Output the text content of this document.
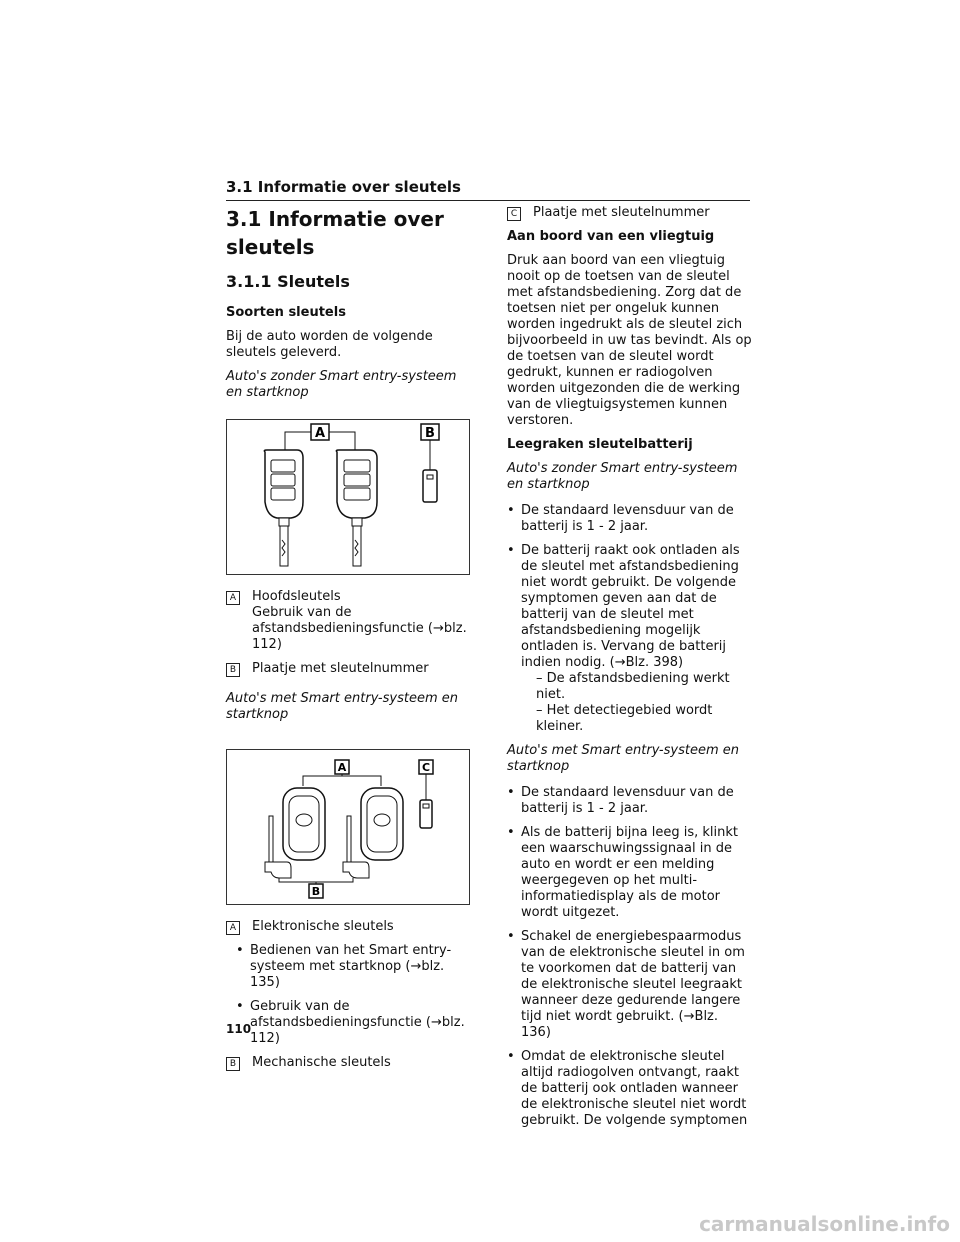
3.1 Informatie over sleutels
3.1 Informatie over sleutels
3.1.1 Sleutels
Soorten sleutels

Bij de auto worden de volgende sleutels geleverd.

Auto's zonder Smart entry-systeem en startknop
A	B
A	Hoofdsleutels
Gebruik van de afstandsbedieningsfunctie (→blz. 112)
B	Plaatje met sleutelnummer
Auto's met Smart entry-systeem en startknop
A	C
B
A	Elektronische sleutels
• Bedienen van het Smart entry-systeem met startknop (→blz. 135)
• Gebruik van de afstandsbedieningsfunctie (→blz. 112)
B	Mechanische sleutels
C Plaatje met sleutelnummer
Aan boord van een vliegtuig

Druk aan boord van een vliegtuig nooit op de toetsen van de sleutel met afstandsbediening. Zorg dat de toetsen niet per ongeluk kunnen worden ingedrukt als de sleutel zich bijvoorbeeld in uw tas bevindt. Als op de toetsen van de sleutel wordt gedrukt, kunnen er radiogolven worden uitgezonden die de werking van de vliegtuigsystemen kunnen verstoren.

Leegraken sleutelbatterij
Auto's zonder Smart entry-systeem en startknop
• De standaard levensduur van de batterij is 1 - 2 jaar.
• De batterij raakt ook ontladen als de sleutel met afstandsbediening niet wordt gebruikt. De volgende symptomen geven aan dat de batterij van de sleutel met afstandsbediening mogelijk ontladen is. Vervang de batterij indien nodig. (→Blz. 398)
– De afstandsbediening werkt niet.
– Het detectiegebied wordt kleiner.
Auto's met Smart entry-systeem en startknop
• De standaard levensduur van de batterij is 1 - 2 jaar.
• Als de batterij bijna leeg is, klinkt een waarschuwingssignaal in de auto en wordt er een melding weergegeven op het multi-informatiedisplay als de motor wordt uitgezet.
• Schakel de energiebespaarmodus van de elektronische sleutel in om te voorkomen dat de batterij van de elektronische sleutel leegraakt wanneer deze gedurende langere tijd niet wordt gebruikt. (→Blz. 136)
• Omdat de elektronische sleutel altijd radiogolven ontvangt, raakt de batterij ook ontladen wanneer de elektronische sleutel niet wordt gebruikt. De volgende symptomen
110
carmanualsonline.info
